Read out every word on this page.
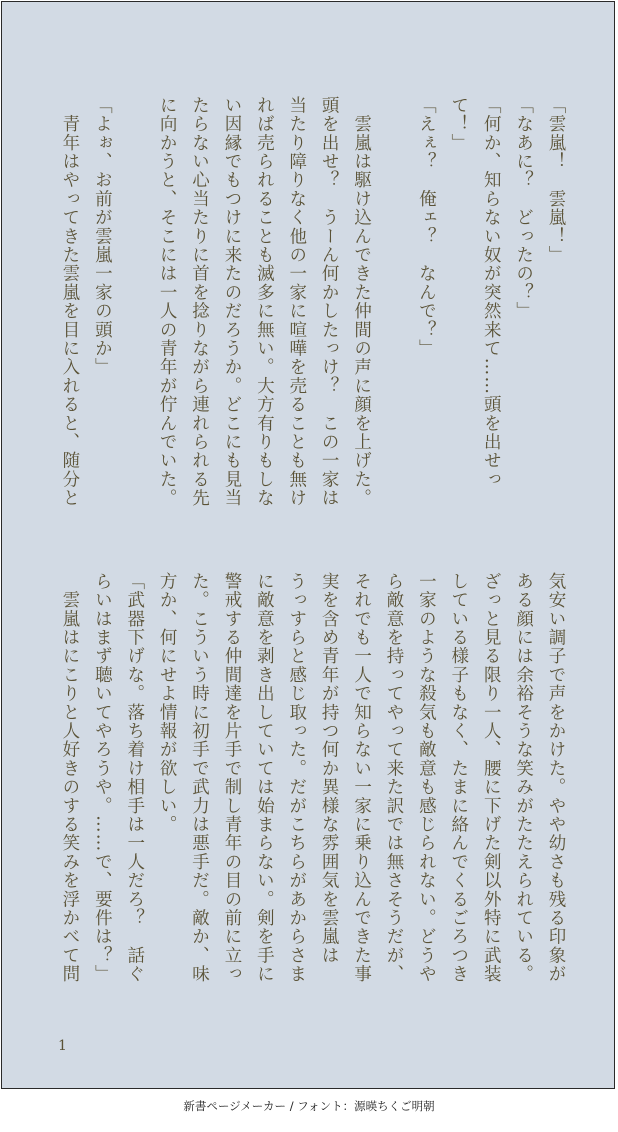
「雲嵐！　雲嵐！」
「なあに？　どったの？」
「何か、知らない奴が突然来て……頭を出せっ
て！」
「えぇ？　俺ェ？　なんで？」

　雲嵐は駆け込んできた仲間の声に顔を上げた。
頭を出せ？　うーん何かしたっけ？　この一家は
当たり障りなく他の一家に喧嘩を売ることも無け
れば売られることも滅多に無い。大方有りもしな
い因縁でもつけに来たのだろうか。どこにも見当
たらない心当たりに首を捻りながら連れられる先
に向かうと、そこには一人の青年が佇んでいた。

「よぉ、お前が雲嵐一家の頭か」
　青年はやってきた雲嵐を目に入れると、随分と
気安い調子で声をかけた。やや幼さも残る印象が
ある顔には余裕そうな笑みがたたえられている。
ざっと見る限り一人、腰に下げた剣以外特に武装
している様子もなく、たまに絡んでくるごろつき
一家のような殺気も敵意も感じられない。どうや
ら敵意を持ってやって来た訳では無さそうだが、
それでも一人で知らない一家に乗り込んできた事
実を含め青年が持つ何か異様な雰囲気を雲嵐は
うっすらと感じ取った。だがこちらがあからさま
に敵意を剥き出していては始まらない。剣を手に
警戒する仲間達を片手で制し青年の目の前に立っ
た。こういう時に初手で武力は悪手だ。敵か、味
方か、何にせよ情報が欲しい。
「武器下げな。落ち着け相手は一人だろ？　話ぐ
らいはまず聴いてやろうや。……で、要件は？」
　雲嵐はにこりと人好きのする笑みを浮かべて問
1
新書ページメーカー / フォント：源暎ちくご明朝
